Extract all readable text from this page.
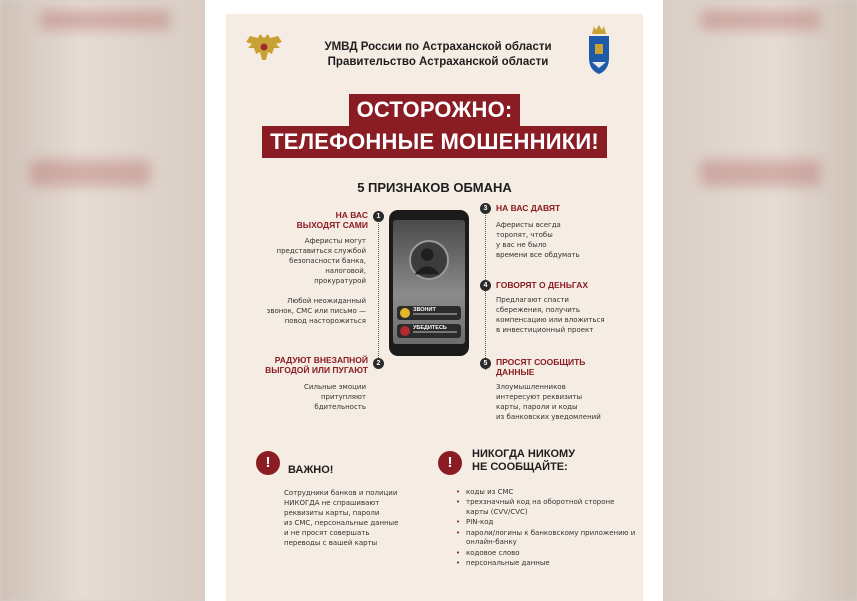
УМВД России по Астраханской области
Правительство Астраханской области
ОСТОРОЖНО:
ТЕЛЕФОННЫЕ МОШЕННИКИ!
5 ПРИЗНАКОВ ОБМАНА
1
НА ВАС
ВЫХОДЯТ САМИ
Аферисты могут
представиться службой
безопасности банка,
налоговой,
прокуратурой
Любой неожиданный
звонок, СМС или письмо —
повод насторожиться
2
РАДУЮТ ВНЕЗАПНОЙ
ВЫГОДОЙ ИЛИ ПУГАЮТ
Сильные эмоции
притупляют
бдительность
ЗВОНИТ
УБЕДИТЕСЬ
3	НА ВАС ДАВЯТ
Аферисты всегда
торопят, чтобы
у вас не было
времени все обдумать
4	ГОВОРЯТ О ДЕНЬГАХ
Предлагают спасти
сбережения, получить
компенсацию или вложиться
в инвестиционный проект
5	ПРОСЯТ СООБЩИТЬ
ДАННЫЕ
Злоумышленников
интересуют реквизиты
карты, пароли и коды
из банковских уведомлений
!	ВАЖНО!
Сотрудники банков и полиции
НИКОГДА не спрашивают
реквизиты карты, пароли
из СМС, персональные данные
и не просят совершать
переводы с вашей карты
!	НИКОГДА НИКОМУ
НЕ СООБЩАЙТЕ:
• коды из СМС
• трехзначный код на оборотной стороне карты (CVV/CVC)
• PIN-код
• пароли/логины к банковскому приложению и онлайн-банку
• кодовое слово
• персональные данные
